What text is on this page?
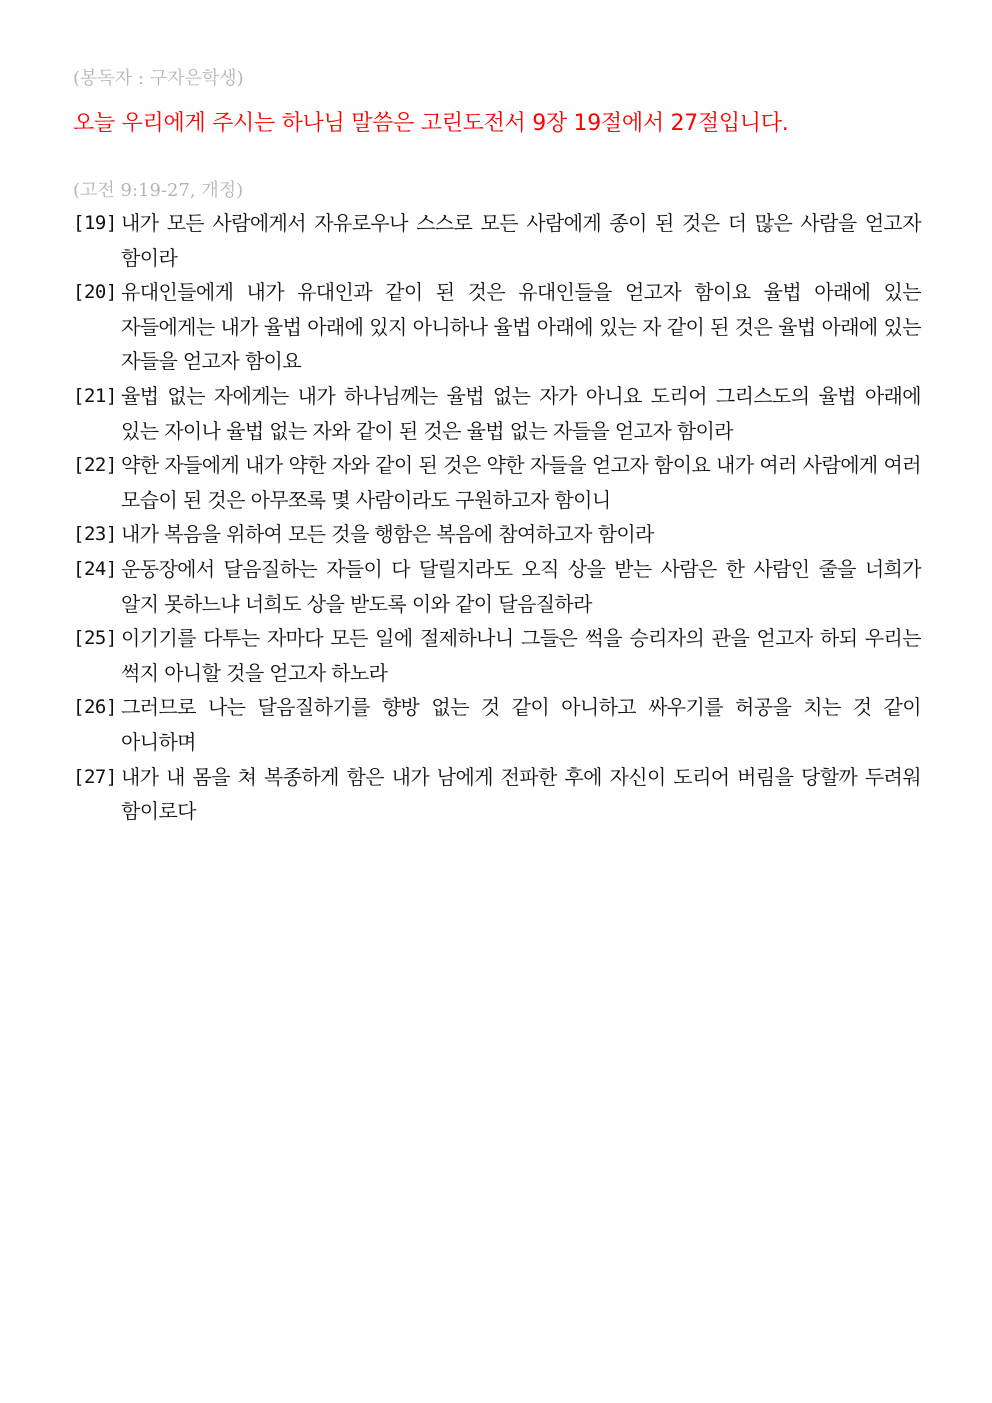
(봉독자 : 구자은학생)
오늘 우리에게 주시는 하나님 말씀은 고린도전서 9장 19절에서 27절입니다.
(고전 9:19-27, 개정)
[19] 내가 모든 사람에게서 자유로우나 스스로 모든 사람에게 종이 된 것은 더 많은 사람을 얻고자 함이라
[20] 유대인들에게 내가 유대인과 같이 된 것은 유대인들을 얻고자 함이요 율법 아래에 있는 자들에게는 내가 율법 아래에 있지 아니하나 율법 아래에 있는 자 같이 된 것은 율법 아래에 있는 자들을 얻고자 함이요
[21] 율법 없는 자에게는 내가 하나님께는 율법 없는 자가 아니요 도리어 그리스도의 율법 아래에 있는 자이나 율법 없는 자와 같이 된 것은 율법 없는 자들을 얻고자 함이라
[22] 약한 자들에게 내가 약한 자와 같이 된 것은 약한 자들을 얻고자 함이요 내가 여러 사람에게 여러 모습이 된 것은 아무쪼록 몇 사람이라도 구원하고자 함이니
[23] 내가 복음을 위하여 모든 것을 행함은 복음에 참여하고자 함이라
[24] 운동장에서 달음질하는 자들이 다 달릴지라도 오직 상을 받는 사람은 한 사람인 줄을 너희가 알지 못하느냐 너희도 상을 받도록 이와 같이 달음질하라
[25] 이기기를 다투는 자마다 모든 일에 절제하나니 그들은 썩을 승리자의 관을 얻고자 하되 우리는 썩지 아니할 것을 얻고자 하노라
[26] 그러므로 나는 달음질하기를 향방 없는 것 같이 아니하고 싸우기를 허공을 치는 것 같이 아니하며
[27] 내가 내 몸을 쳐 복종하게 함은 내가 남에게 전파한 후에 자신이 도리어 버림을 당할까 두려워 함이로다
